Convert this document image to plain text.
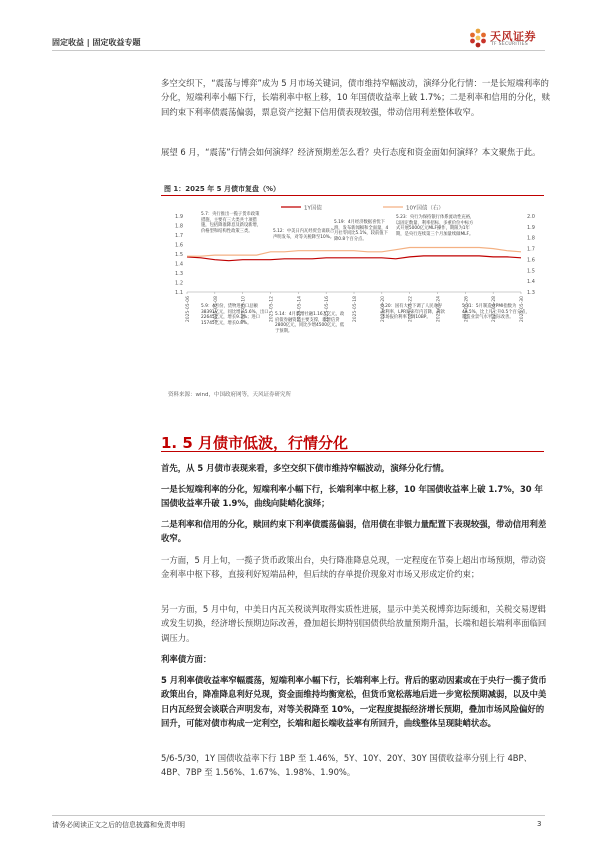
固定收益 | 固定收益专题	天风证券
TF SECURITIES
多空交织下，“震荡与博弈”成为 5 月市场关键词，债市维持窄幅波动，演绎分化行情：一是长短端利率的分化，短端利率小幅下行，长端利率中枢上移，10 年国债收益率上破 1.7%；二是利率和信用的分化，赎回约束下利率债震荡偏弱，票息资产挖掘下信用债表现较强，带动信用利差整体收窄。
展望 6 月，“震荡”行情会如何演绎？经济预期差怎么看？央行态度和资金面如何演绎？本文聚焦于此。
图 1：2025 年 5 月债市复盘（%）
1Y国债	10Y国债（右）
1.9
1.8
1.7
1.6
1.5
1.4
1.3
1.2
1.1
2.0
1.9
1.8
1.7
1.6
1.5
1.4
1.3
2025-05-06	2025-05-08	2025-05-10	2025-05-12	2025-05-14	2025-05-16	2025-05-18	2025-05-20	2025-05-22	2025-05-24	2025-05-26	2025-05-28	2025-05-30
5.7：央行推出一揽子货币政策措施，主要有三大类共十项措施，包括降准降息及新设新增，价格型和结构性政策三类。	5.12：中美日内瓦经贸会谈联合声明发布，对等关税降至10%。
5.19：4月经济数据喜忧下滑，发布新闻稿和全面量，4月社零同比5.1%，较前值下降0.8个百分点。
5.23：央行为保持银行体系流动性充裕，以固定数量、利率招标、多重价位中标方式开展5000亿元MLF操作，期限为1年期，是央行连续第三个月加量续做MLF。
5.9：4月份，货物进出口总额38391亿元，同比增长5.6%，出口22645亿元，增长9.3%；进口15745亿元，增长0.8%。
5.14：4月新增社融1.16万亿元，政府债券融资是主要支撑，新增信贷2800亿元，同比少增4500亿元，低于预期。
5.20：国有大行下调了人民币存款利率，LPR迎来年内首降，贷款市场报价利率下调10BP。
5.31：5月制造业PMI指数为49.5%，比上月上升0.5个百分点，制造业景气水平边际改善。
资料来源：wind，中国政府网等，天风证券研究所
1. 5 月债市低波，行情分化
首先，从 5 月债市表现来看，多空交织下债市维持窄幅波动，演绎分化行情。
一是长短端利率的分化，短端利率小幅下行，长端利率中枢上移，10 年国债收益率上破 1.7%，30 年国债收益率升破 1.9%，曲线向陡峭化演绎；
二是利率和信用的分化，赎回约束下利率债震荡偏弱，信用债在非银力量配置下表现较强，带动信用利差收窄。
一方面，5 月上旬，一揽子货币政策出台，央行降准降息兑现，一定程度在节奏上超出市场预期，带动资金利率中枢下移，直接利好短端品种，但后续的存单提价现象对市场又形成定价约束；
另一方面，5 月中旬，中美日内瓦关税谈判取得实质性进展，显示中美关税博弈边际缓和，关税交易逻辑或发生切换，经济增长预期边际改善，叠加超长期特别国债供给放量预期升温，长端和超长端利率面临回调压力。
利率债方面：
5 月利率债收益率窄幅震荡，短端利率小幅下行，长端利率上行。背后的驱动因素或在于央行一揽子货币政策出台，降准降息利好兑现，资金面维持均衡宽松，但货币宽松落地后进一步宽松预期减弱，以及中美日内瓦经贸会谈联合声明发布，对等关税降至 10%，一定程度提振经济增长预期，叠加市场风险偏好的回升，可能对债市构成一定利空，长端和超长端收益率有所回升，曲线整体呈现陡峭状态。
5/6-5/30，1Y 国债收益率下行 1BP 至 1.46%，5Y、10Y、20Y、30Y 国债收益率分别上行 4BP、4BP、7BP 至 1.56%、1.67%、1.98%、1.90%。
请务必阅读正文之后的信息披露和免责申明	3
